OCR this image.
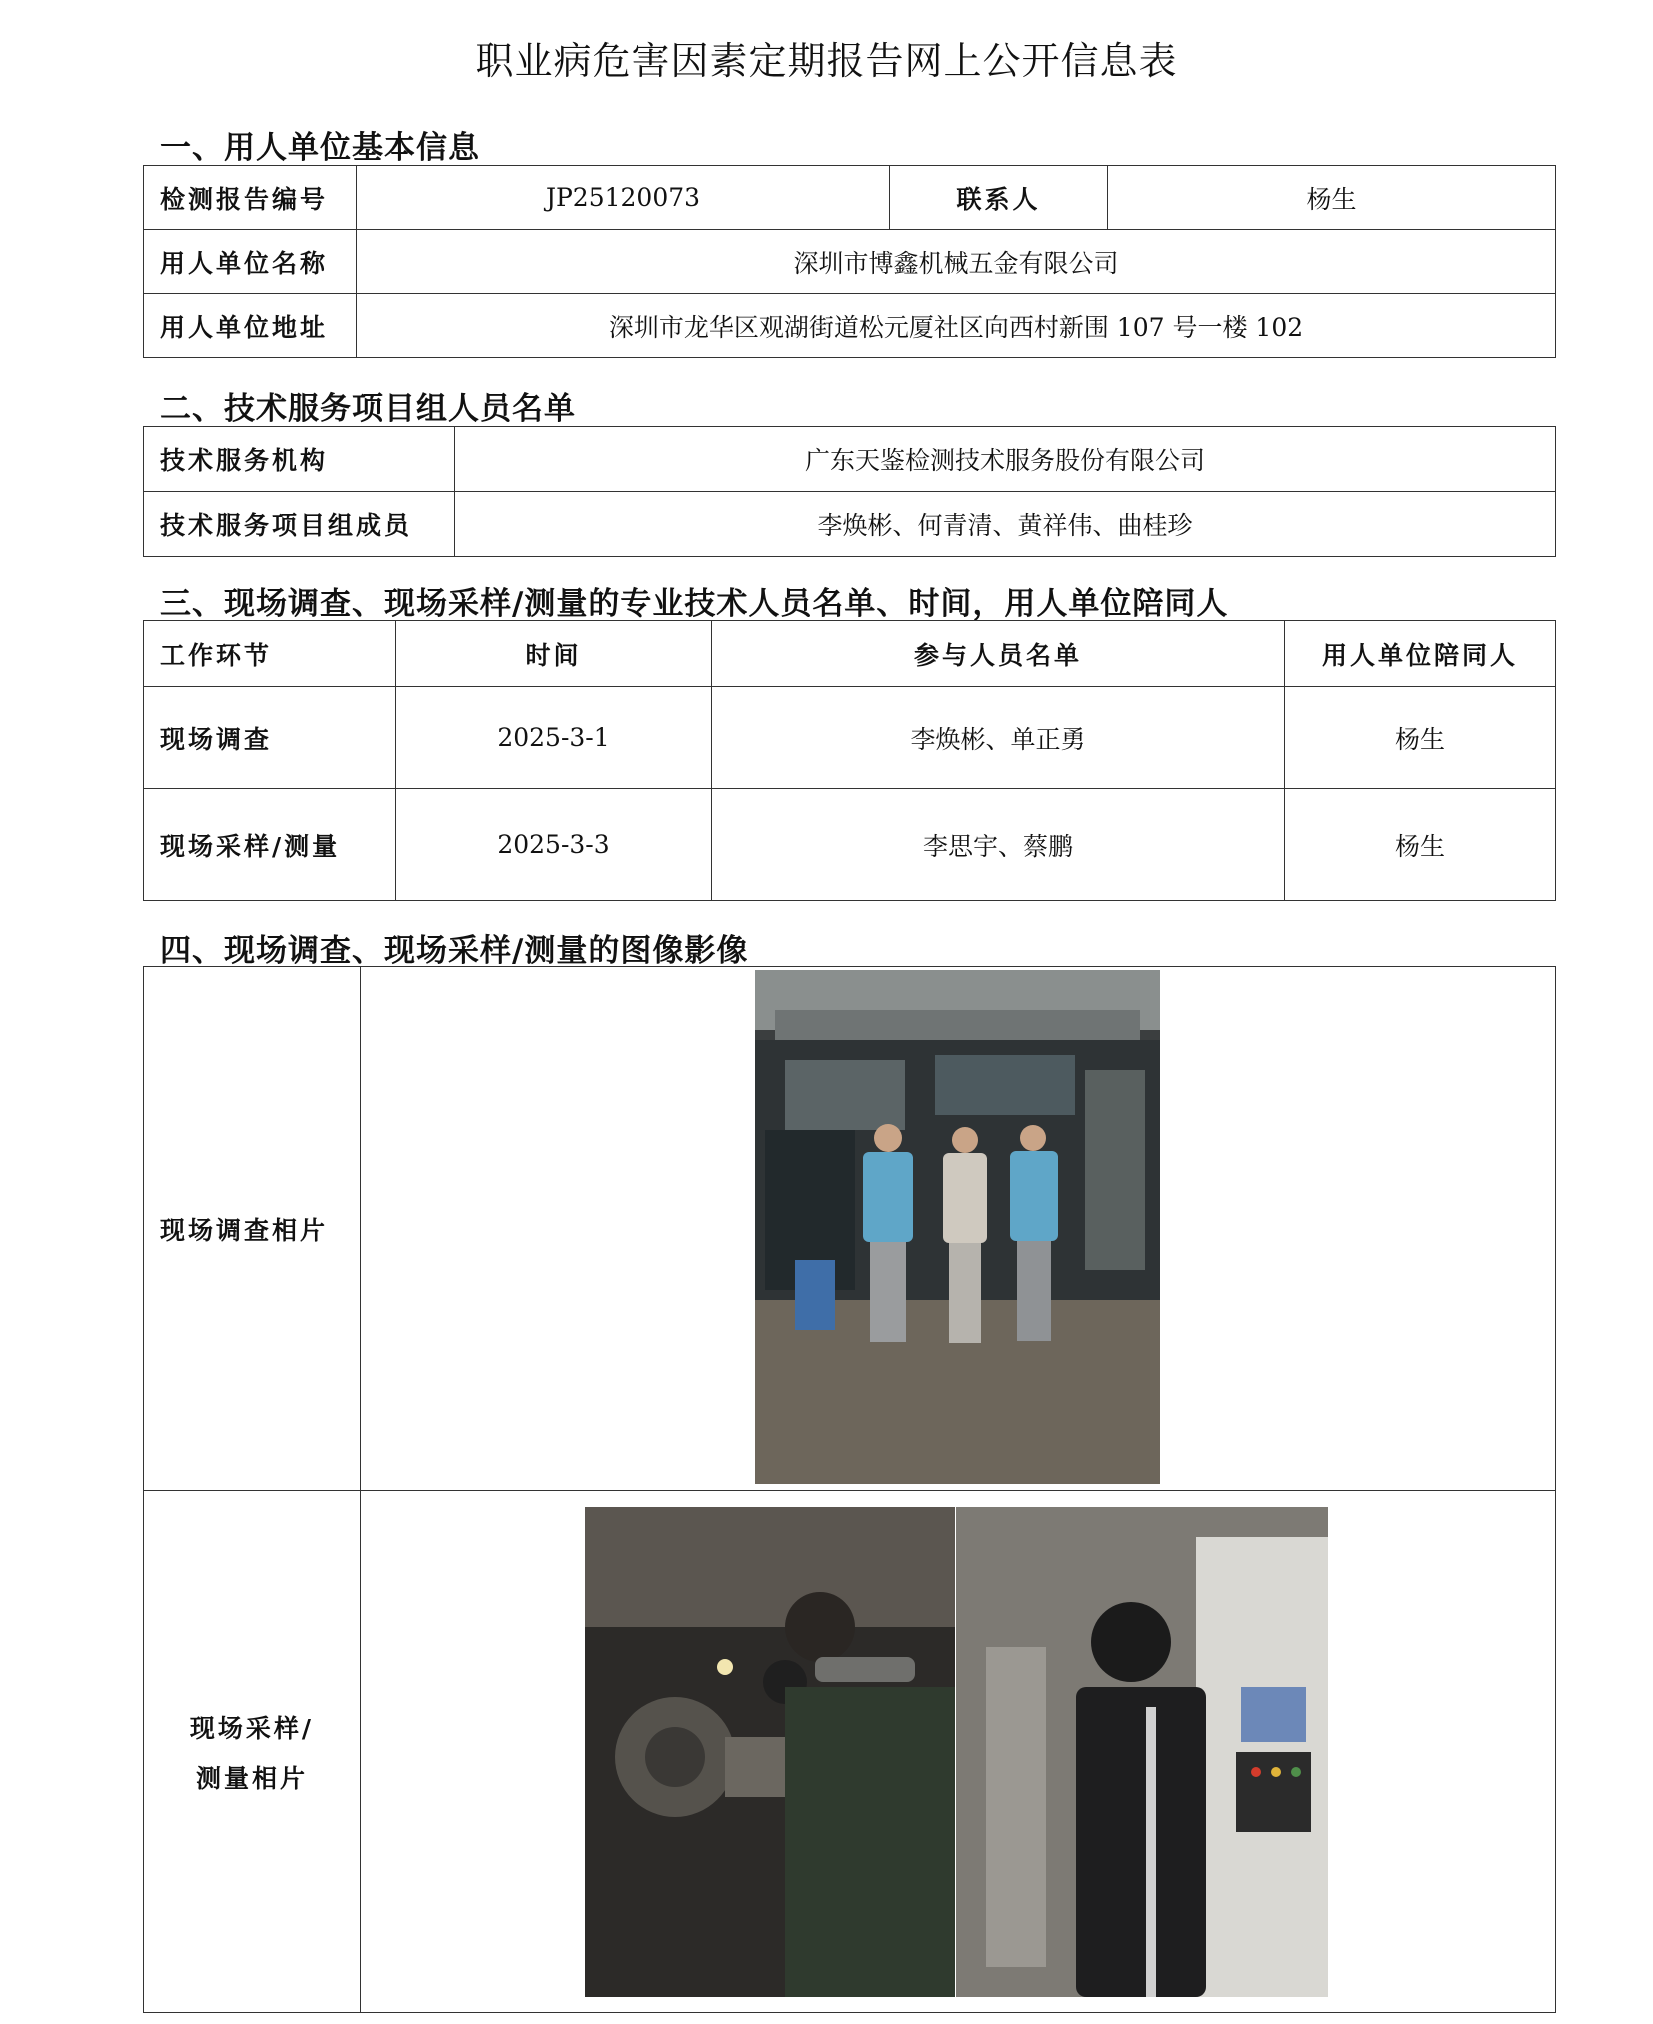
职业病危害因素定期报告网上公开信息表
一、用人单位基本信息
检测报告编号	JP25120073	联系人	杨生
用人单位名称	深圳市博鑫机械五金有限公司		
用人单位地址	深圳市龙华区观湖街道松元厦社区向西村新围 107 号一楼 102		
二、技术服务项目组人员名单
技术服务机构	广东天鉴检测技术服务股份有限公司
技术服务项目组成员	李焕彬、何青清、黄祥伟、曲桂珍
三、现场调查、现场采样/测量的专业技术人员名单、时间，用人单位陪同人
工作环节	时间	参与人员名单	用人单位陪同人
现场调查	2025-3-1	李焕彬、单正勇	杨生
现场采样/测量	2025-3-3	李思宇、蔡鹏	杨生
四、现场调查、现场采样/测量的图像影像
现场调查相片	

现场采样/
测量相片	
